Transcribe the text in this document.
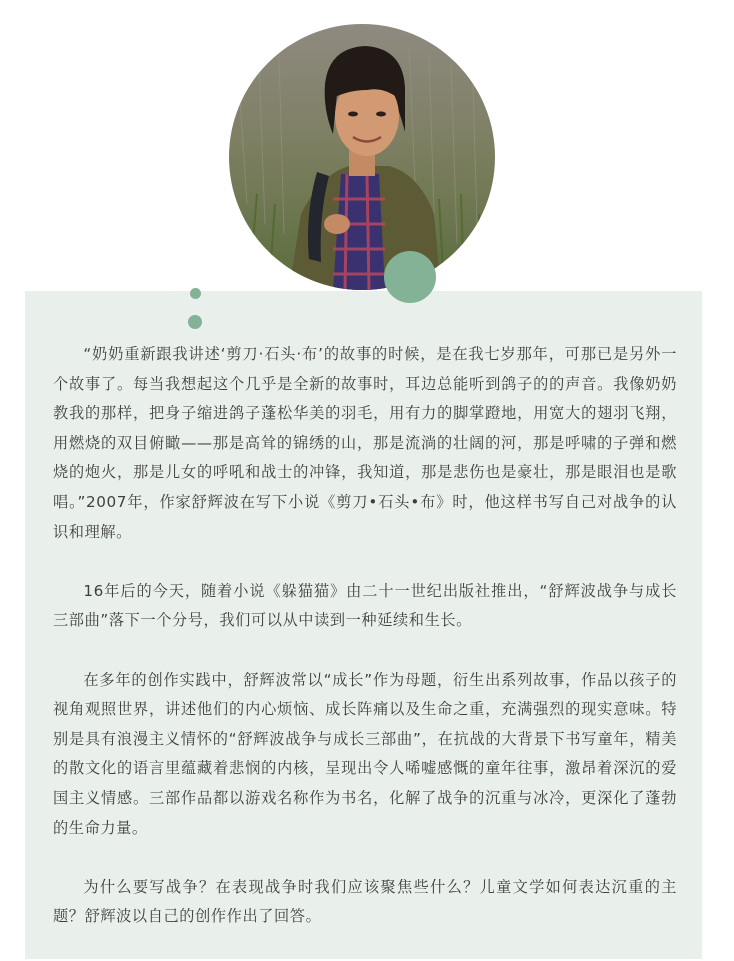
“奶奶重新跟我讲述‘剪刀·石头·布’的故事的时候，是在我七岁那年，可那已是另外一个故事了。每当我想起这个几乎是全新的故事时，耳边总能听到鸽子的的声音。我像奶奶教我的那样，把身子缩进鸽子蓬松华美的羽毛，用有力的脚掌蹬地，用宽大的翅羽飞翔，用燃烧的双目俯瞰——那是高耸的锦绣的山，那是流淌的壮阔的河，那是呼啸的子弹和燃烧的炮火，那是儿女的呼吼和战士的冲锋，我知道，那是悲伤也是豪壮，那是眼泪也是歌唱。”2007年，作家舒辉波在写下小说《剪刀•石头•布》时，他这样书写自己对战争的认识和理解。

16年后的今天，随着小说《躲猫猫》由二十一世纪出版社推出，“舒辉波战争与成长三部曲”落下一个分号，我们可以从中读到一种延续和生长。

在多年的创作实践中，舒辉波常以“成长”作为母题，衍生出系列故事，作品以孩子的视角观照世界，讲述他们的内心烦恼、成长阵痛以及生命之重，充满强烈的现实意味。特别是具有浪漫主义情怀的“舒辉波战争与成长三部曲”，在抗战的大背景下书写童年，精美的散文化的语言里蕴藏着悲悯的内核，呈现出令人唏嘘感慨的童年往事，激昂着深沉的爱国主义情感。三部作品都以游戏名称作为书名，化解了战争的沉重与冰冷，更深化了蓬勃的生命力量。

为什么要写战争？在表现战争时我们应该聚焦些什么？儿童文学如何表达沉重的主题？舒辉波以自己的创作作出了回答。
